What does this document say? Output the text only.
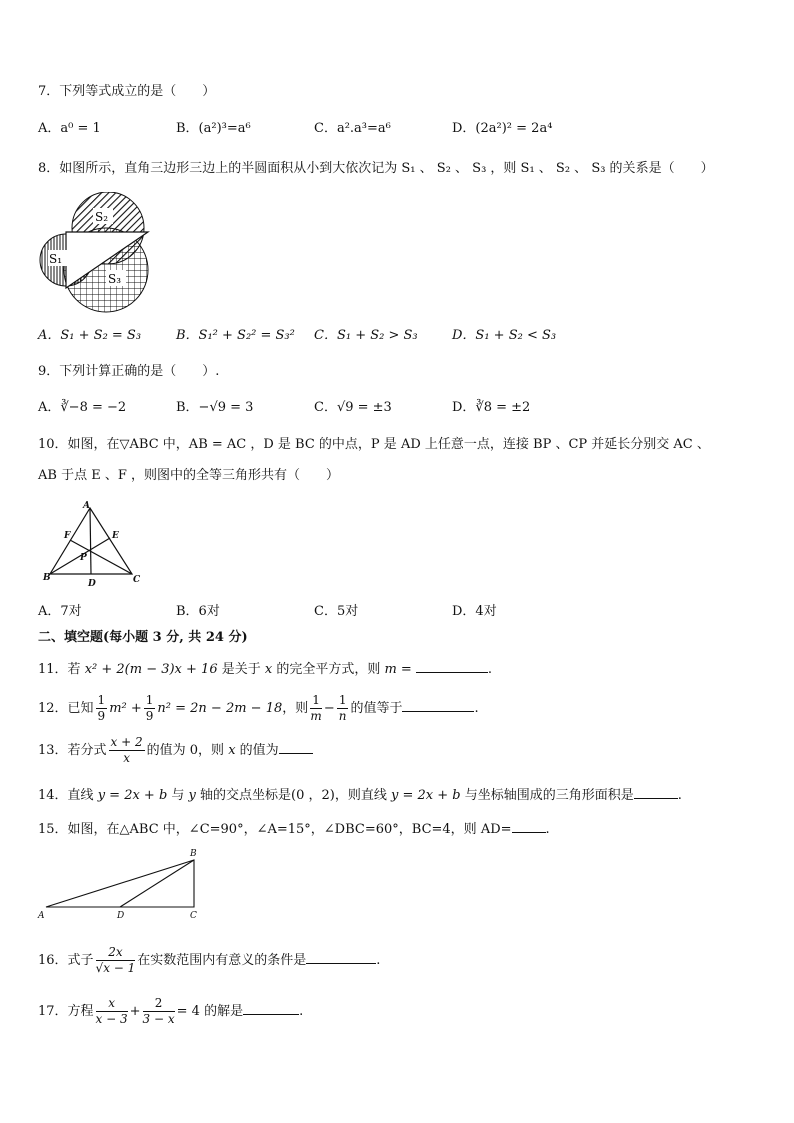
7．下列等式成立的是（　　）
A．a⁰ = 1	B．(a²)³=a⁶	C．a².a³=a⁶	D．(2a²)² = 2a⁴
8．如图所示，直角三边形三边上的半圆面积从小到大依次记为 S₁ 、 S₂ 、 S₃ ，则 S₁ 、 S₂ 、 S₃ 的关系是（　　）
S₂
S₁
S₃
A．S₁ + S₂ = S₃	B．S₁² + S₂² = S₃² C．S₁ + S₂ > S₃	D．S₁ + S₂ < S₃
9．下列计算正确的是（　　）.
A．∛−8 = −2	B．−√9 = 3	C．√9 = ±3	D．∛8 = ±2
10．如图，在▽ABC 中，AB = AC ，D 是 BC 的中点，P 是 AD 上任意一点，连接 BP 、CP 并延长分别交 AC 、
AB 于点 E 、F ，则图中的全等三角形共有（　　）
A
F	E
P
B
D	C
A．7对	B．6对	C．5对	D．4对
二、填空题(每小题 3 分, 共 24 分)
11．若 x² + 2(m − 3)x + 16 是关于 x 的完全平方式，则 m =	.
12．已知 $\frac{1}{9} m^2 + \frac{1}{9} n^2 = 2n - 2m - 18$，则 $\frac{1}{m} - \frac{1}{n}$ 的值等于	.
13．若分式 $\frac{x + 2}{x}$ 的值为 0，则 x 的值为
14．直线 y = 2x + b 与 y 轴的交点坐标是(0 ，2)，则直线 y = 2x + b 与坐标轴围成的三角形面积是	.
15．如图，在△ABC 中，∠C=90°，∠A=15°，∠DBC=60°，BC=4，则 AD=	.
B
A	D	C
16．式子 $\frac{2x}{√x - 1}$ 在实数范围内有意义的条件是	.
17．方程 $\frac{x}{x - 3} + \frac{2}{3 - x} = 4$ 的解是	.
